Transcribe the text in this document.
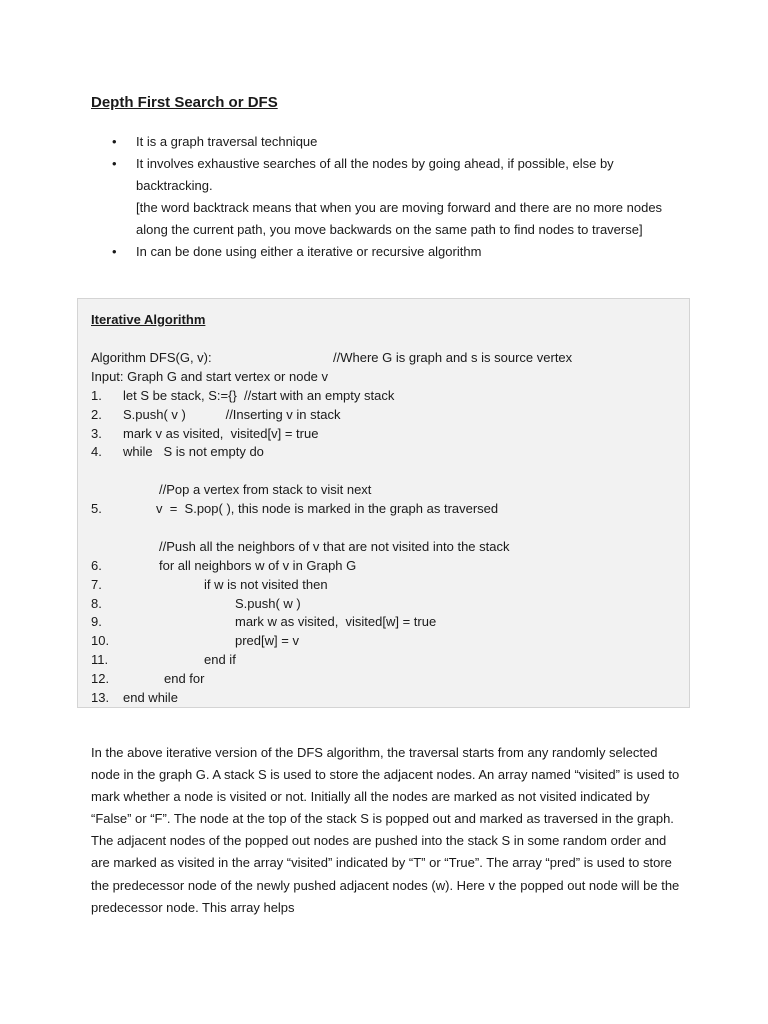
Depth First Search or DFS
• It is a graph traversal technique
• It involves exhaustive searches of all the nodes by going ahead, if possible, else by backtracking.
[the word backtrack means that when you are moving forward and there are no more nodes along the current path, you move backwards on the same path to find nodes to traverse]
• In can be done using either a iterative or recursive algorithm
Iterative Algorithm
Algorithm DFS(G, v):	//Where G is graph and s is source vertex
Input: Graph G and start vertex or node v
1. let S be stack, S:={}  //start with an empty stack
2. S.push( v )           //Inserting v in stack
3. mark v as visited,  visited[v] = true
4. while   S is not empty do
//Pop a vertex from stack to visit next
5.	v  =  S.pop( ), this node is marked in the graph as traversed
//Push all the neighbors of v that are not visited into the stack
6.	for all neighbors w of v in Graph G
7.	if w is not visited then
8.	S.push( w )
9.	mark w as visited,  visited[w] = true
10.	pred[w] = v
11.	end if
12.	end for
13. end while

In the above iterative version of the DFS algorithm, the traversal starts from any randomly selected node in the graph G. A stack S is used to store the adjacent nodes. An array named “visited” is used to mark whether a node is visited or not. Initially all the nodes are marked as not visited indicated by “False” or “F”. The node at the top of the stack S is popped out and marked as traversed in the graph. The adjacent nodes of the popped out nodes are pushed into the stack S in some random order and are marked as visited in the array “visited” indicated by “T” or “True”. The array “pred” is used to store the predecessor node of the newly pushed adjacent nodes (w). Here v the popped out node will be the predecessor node. This array helps
